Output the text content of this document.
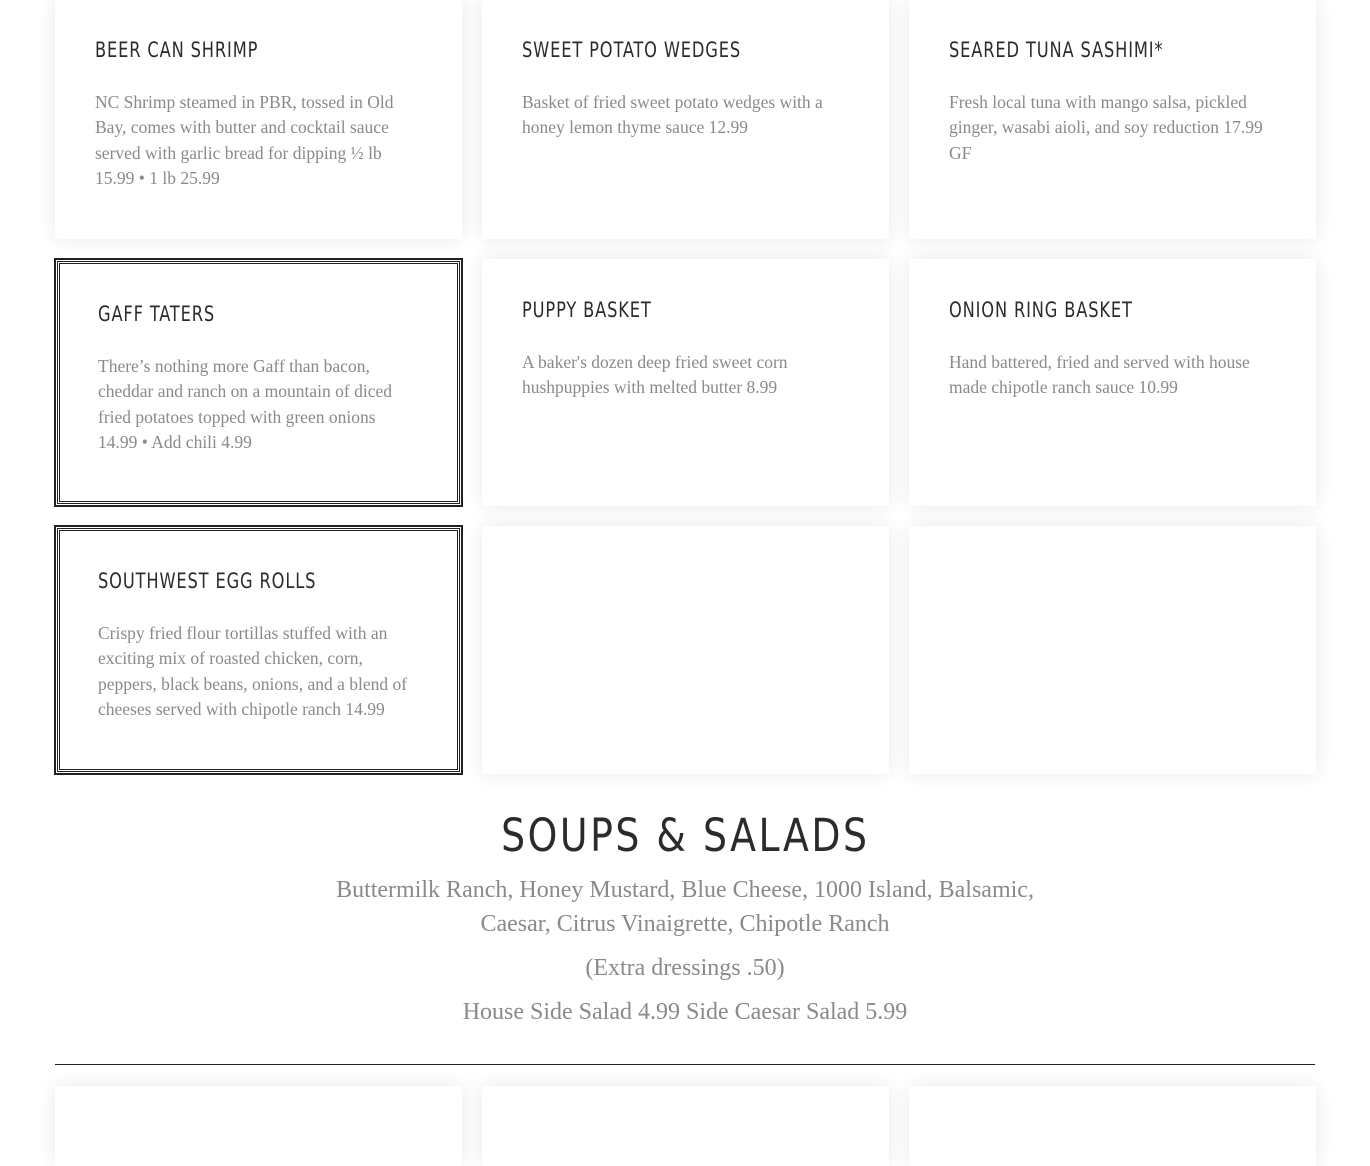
BEER CAN SHRIMP

NC Shrimp steamed in PBR, tossed in Old Bay, comes with butter and cocktail sauce served with garlic bread for dipping ½ lb 15.99 • 1 lb 25.99

SWEET POTATO WEDGES

Basket of fried sweet potato wedges with a honey lemon thyme sauce 12.99

SEARED TUNA SASHIMI*

Fresh local tuna with mango salsa, pickled ginger, wasabi aioli, and soy reduction 17.99 GF

GAFF TATERS

There’s nothing more Gaff than bacon, cheddar and ranch on a mountain of diced fried potatoes topped with green onions 14.99 • Add chili 4.99

PUPPY BASKET

A baker's dozen deep fried sweet corn hushpuppies with melted butter 8.99

ONION RING BASKET

Hand battered, fried and served with house made chipotle ranch sauce 10.99

SOUTHWEST EGG ROLLS

Crispy fried flour tortillas stuffed with an exciting mix of roasted chicken, corn, peppers, black beans, onions, and a blend of cheeses served with chipotle ranch 14.99

SOUPS & SALADS
Buttermilk Ranch, Honey Mustard, Blue Cheese, 1000 Island, Balsamic, Caesar, Citrus Vinaigrette, Chipotle Ranch
(Extra dressings .50)
House Side Salad 4.99 Side Caesar Salad 5.99
